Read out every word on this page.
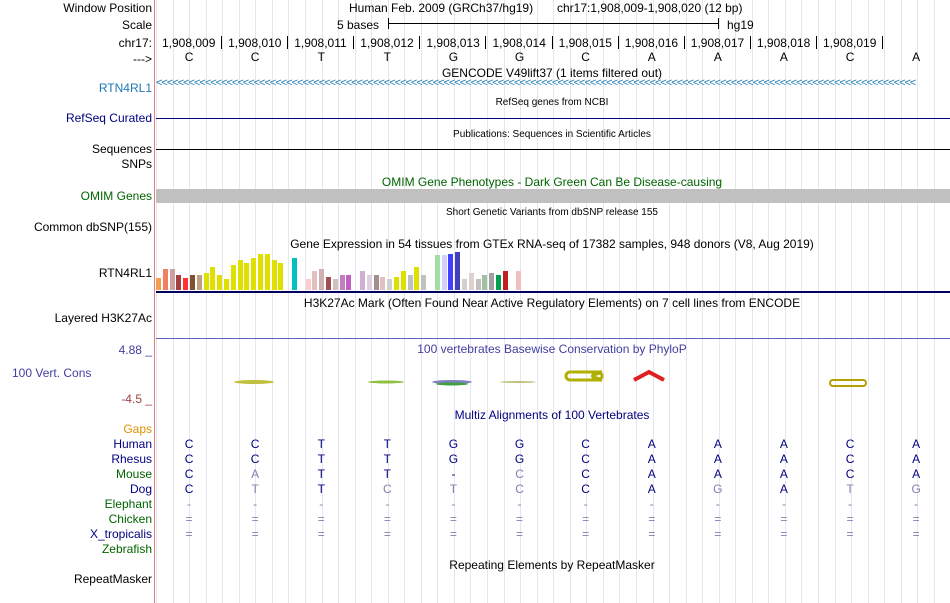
Window Position	Human Feb. 2009 (GRCh37/hg19) chr17:1,908,009-1,908,020 (12 bp)
Scale	5 bases	hg19
chr17: 1,908,009 1,908,010 1,908,011 1,908,012 1,908,013 1,908,014 1,908,015 1,908,016 1,908,017 1,908,018 1,908,019
--->	C	C	T	T	G	G	C	A	A	A	C	A
GENCODE V49lift37 (1 items filtered out)
RTN4RL1 <<<<<<<<<<<<<<<<<<<<<<<<<<<<<<<<<<<<<<<<<<<<<<<<<<<<<<<<<<<<<<<<<<<<<<<<<<<<<<<<<<<<<<<<<<<<<<<<<<<<<<<<<<<<<<<<<<<<<<<<<<<<<<<<<<<<<<<<<<<<
RefSeq genes from NCBI
RefSeq Curated
Publications: Sequences in Scientific Articles
Sequences
SNPs
OMIM Gene Phenotypes - Dark Green Can Be Disease-causing
OMIM Genes
Short Genetic Variants from dbSNP release 155
Common dbSNP(155)
Gene Expression in 54 tissues from GTEx RNA-seq of 17382 samples, 948 donors (V8, Aug 2019)
RTN4RL1
H3K27Ac Mark (Often Found Near Active Regulatory Elements) on 7 cell lines from ENCODE
Layered H3K27Ac
100 vertebrates Basewise Conservation by PhyloP
4.88 _
100 Vert. Cons
-4.5 _
Multiz Alignments of 100 Vertebrates
Gaps
Human	C	C	T	T	G	G	C	A	A	A	C	A
Rhesus	C	C	T	T	G	G	C	A	A	A	C	A
Mouse	C	A	T	T	-	C	C	A	A	A	C	A
Dog	C	T	T	C	T	C	C	A	G	A	T	G
Elephant	-	-	-	-	-	-	-	-	-	-	-	-
Chicken	=	=	=	=	=	=	=	=	=	=	=	=
X_tropicalis	=	=	=	=	=	=	=	=	=	=	=	=
Zebrafish
Repeating Elements by RepeatMasker
RepeatMasker
